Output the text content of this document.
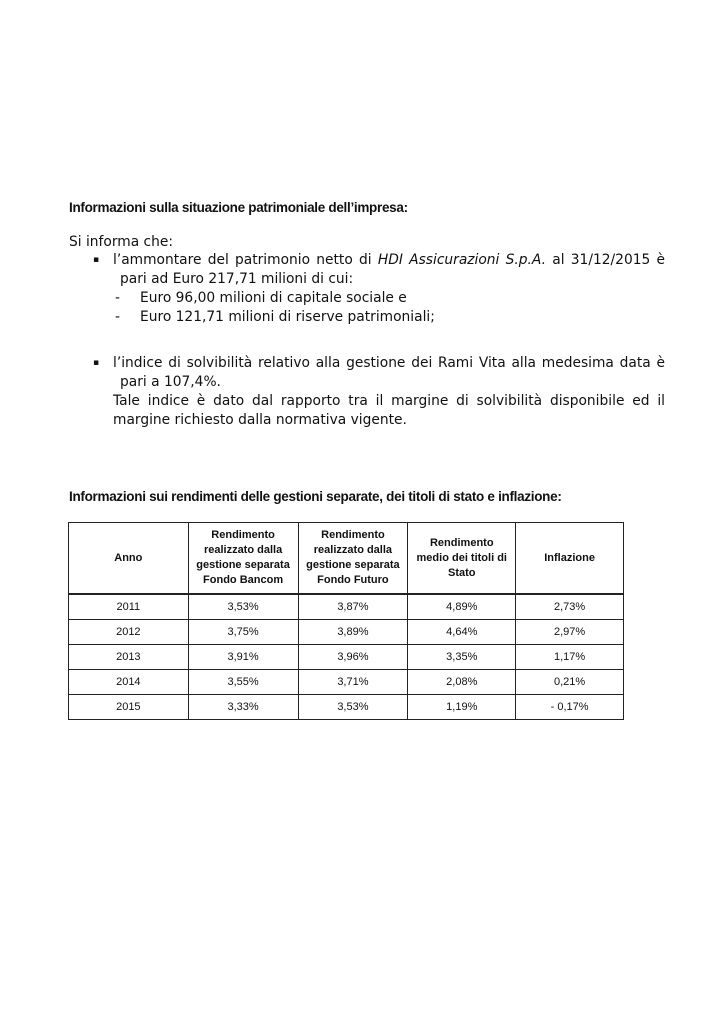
Informazioni sulla situazione patrimoniale dell’impresa:
Si informa che:
▪	l’ammontare del patrimonio netto di HDI Assicurazioni S.p.A. al 31/12/2015 è
pari ad Euro 217,71 milioni di cui:
-	Euro 96,00 milioni di capitale sociale e
-	Euro 121,71 milioni di riserve patrimoniali;
▪	l’indice di solvibilità relativo alla gestione dei Rami Vita alla medesima data è
pari a 107,4%.
Tale indice è dato dal rapporto tra il margine di solvibilità disponibile ed il
margine richiesto dalla normativa vigente.
Informazioni sui rendimenti delle gestioni separate, dei titoli di stato e inflazione:
Anno	Rendimento realizzato dalla gestione separata Fondo Bancom	Rendimento realizzato dalla gestione separata Fondo Futuro	Rendimento medio dei titoli di Stato	Inflazione
2011	3,53%	3,87%	4,89%	2,73%
2012	3,75%	3,89%	4,64%	2,97%
2013	3,91%	3,96%	3,35%	1,17%
2014	3,55%	3,71%	2,08%	0,21%
2015	3,33%	3,53%	1,19%	- 0,17%
